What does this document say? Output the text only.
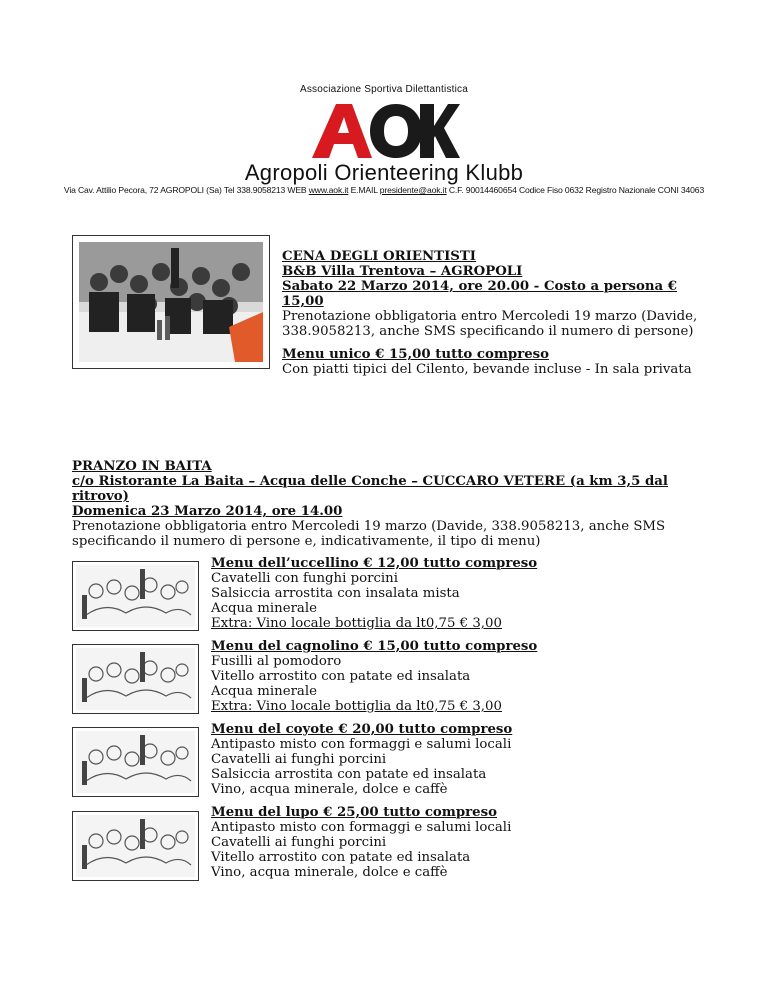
Associazione Sportiva Dilettantistica
Agropoli Orienteering Klubb
Via Cav. Attilio Pecora, 72 AGROPOLI (Sa) Tel 338.9058213 WEB www.aok.it E.MAIL presidente@aok.it C.F. 90014460654 Codice Fiso 0632 Registro Nazionale CONI 34063
CENA DEGLI ORIENTISTI
B&B Villa Trentova – AGROPOLI
Sabato 22 Marzo 2014, ore 20.00 - Costo a persona € 15,00
Prenotazione obbligatoria entro Mercoledi 19 marzo (Davide, 338.9058213, anche SMS specificando il numero di persone)
Menu unico € 15,00 tutto compreso
Con piatti tipici del Cilento, bevande incluse - In sala privata
PRANZO IN BAITA
c/o Ristorante La Baita – Acqua delle Conche – CUCCARO VETERE (a km 3,5 dal ritrovo)
Domenica 23 Marzo 2014, ore 14.00
Prenotazione obbligatoria entro Mercoledi 19 marzo (Davide, 338.9058213, anche SMS specificando il numero di persone e, indicativamente, il tipo di menu)
Menu dell’uccellino € 12,00 tutto compreso
Cavatelli con funghi porcini
Salsiccia arrostita con insalata mista
Acqua minerale
Extra: Vino locale bottiglia da lt0,75 € 3,00
Menu del cagnolino € 15,00 tutto compreso
Fusilli al pomodoro
Vitello arrostito con patate ed insalata
Acqua minerale
Extra: Vino locale bottiglia da lt0,75 € 3,00
Menu del coyote € 20,00 tutto compreso
Antipasto misto con formaggi e salumi locali
Cavatelli ai funghi porcini
Salsiccia arrostita con patate ed insalata
Vino, acqua minerale, dolce e caffè
Menu del lupo € 25,00 tutto compreso
Antipasto misto con formaggi e salumi locali
Cavatelli ai funghi porcini
Vitello arrostito con patate ed insalata
Vino, acqua minerale, dolce e caffè
